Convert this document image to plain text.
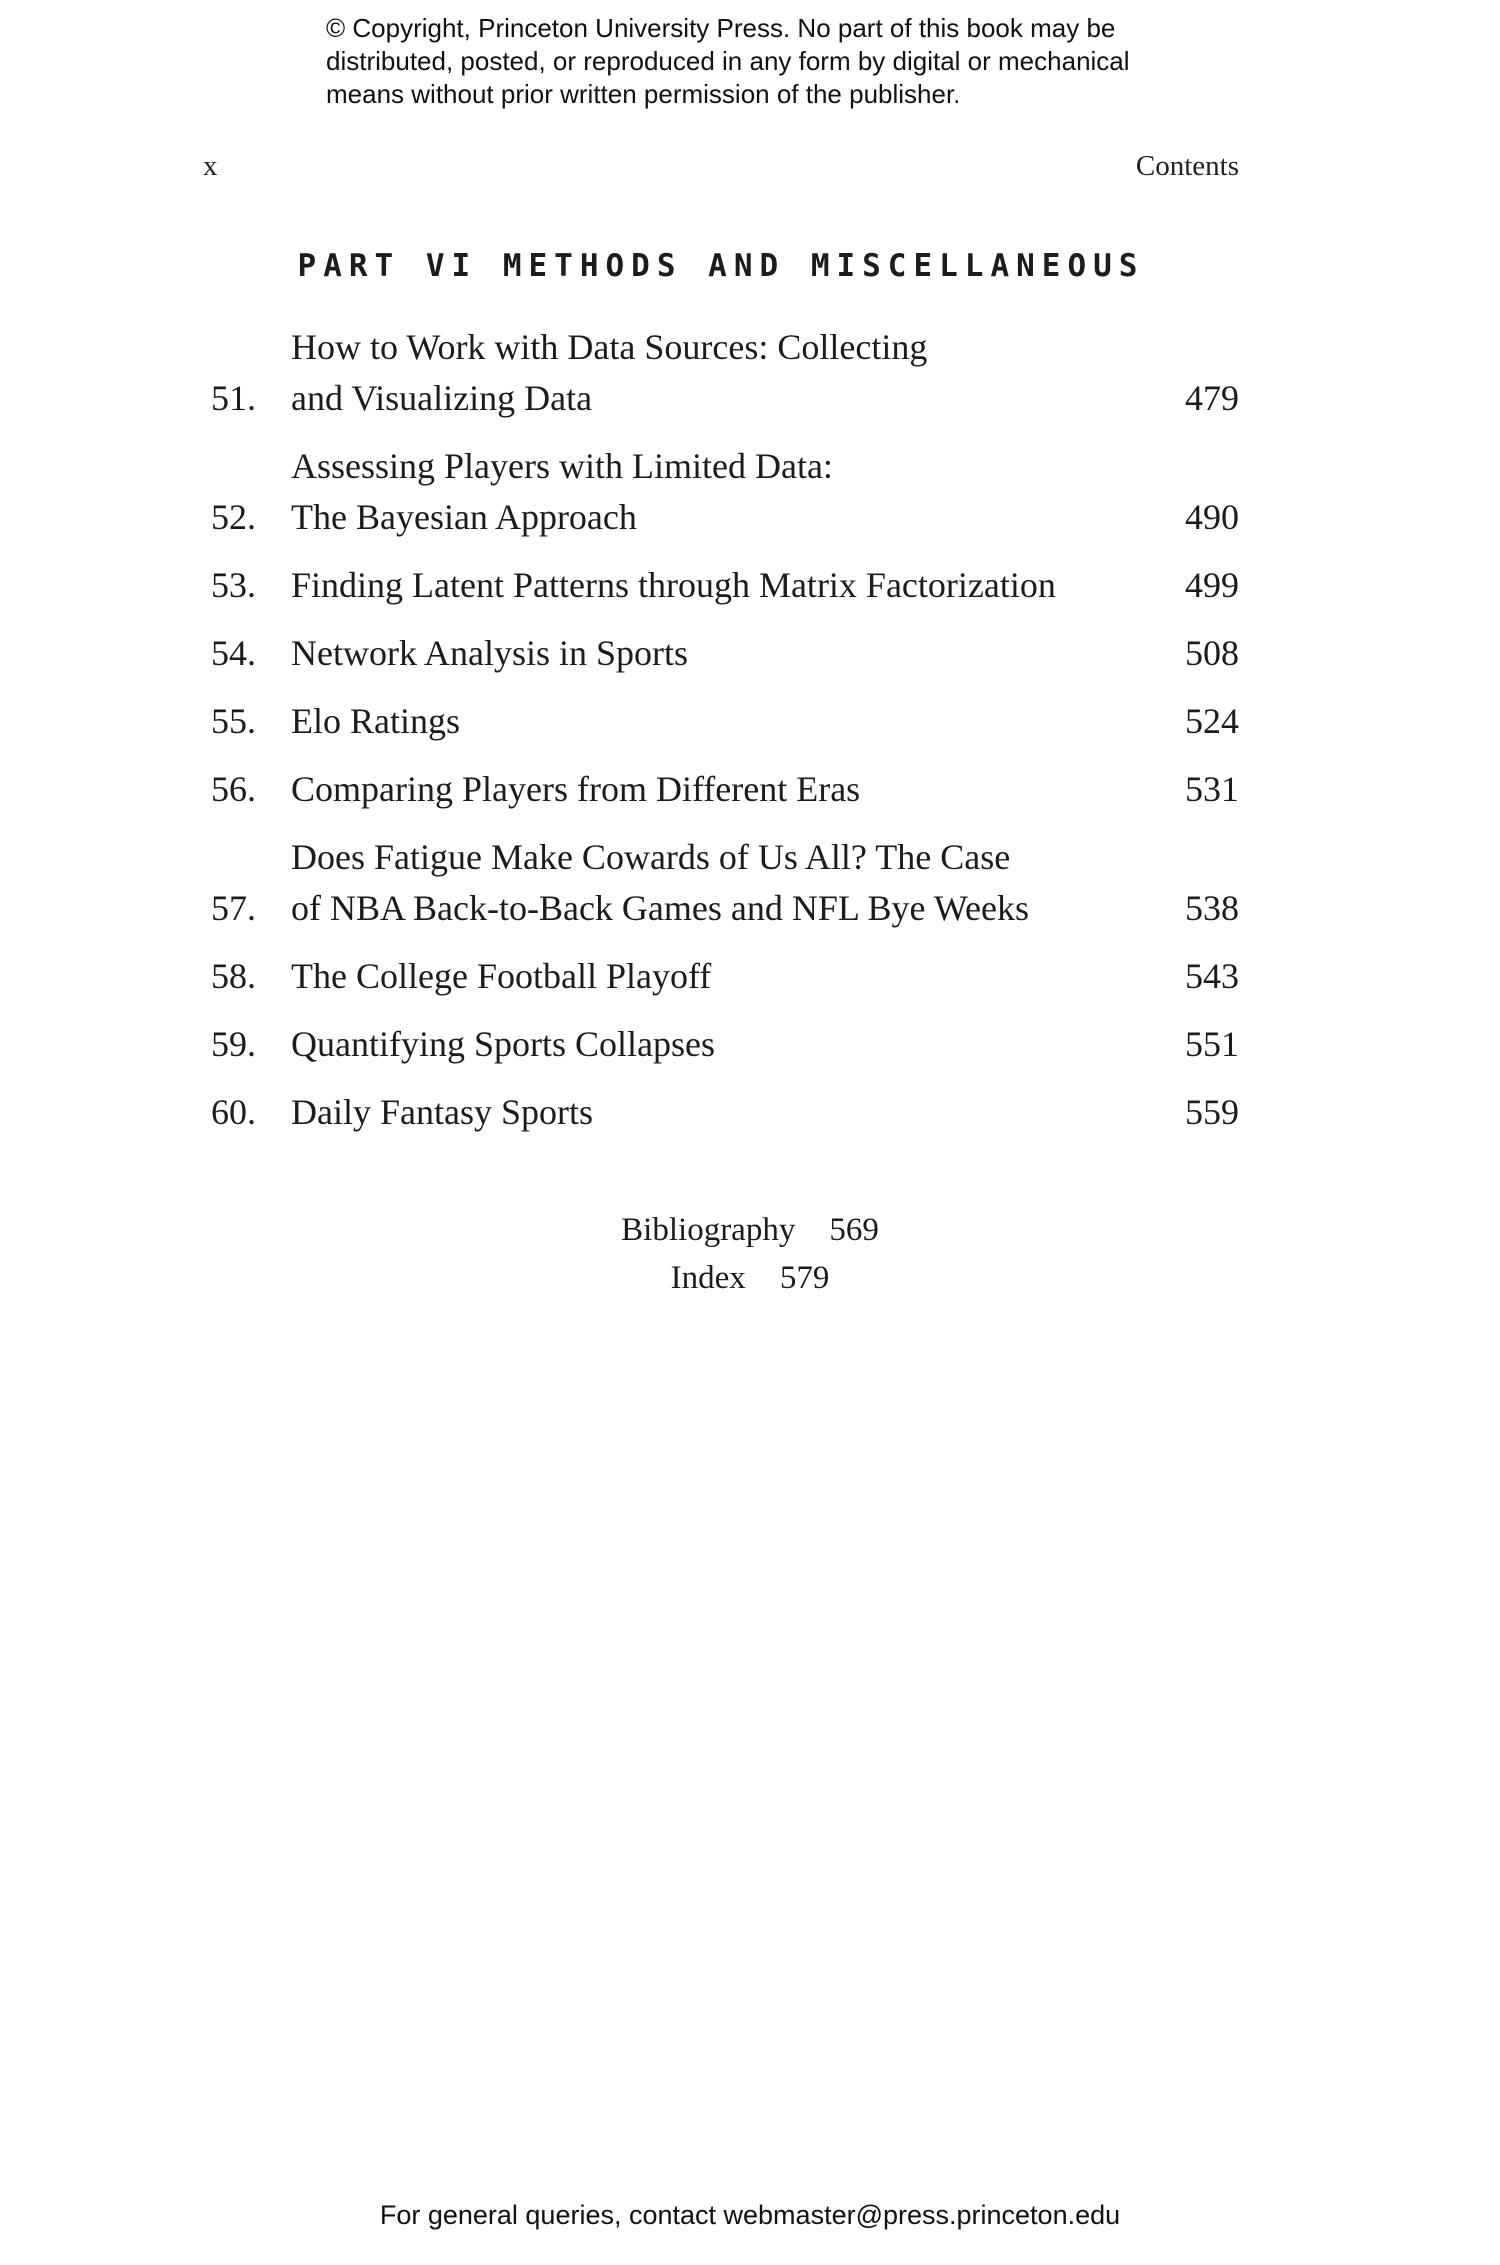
© Copyright, Princeton University Press. No part of this book may be
distributed, posted, or reproduced in any form by digital or mechanical
means without prior written permission of the publisher.
x	Contents
PART VI METHODS AND MISCELLANEOUS
51.
How to Work with Data Sources: Collecting
and Visualizing Data	479
52.
Assessing Players with Limited Data:
The Bayesian Approach	490
53. Finding Latent Patterns through Matrix Factorization	499
54. Network Analysis in Sports	508
55. Elo Ratings	524
56. Comparing Players from Different Eras	531
57.
Does Fatigue Make Cowards of Us All? The Case
of NBA Back-to-Back Games and NFL Bye Weeks	538
58. The College Football Playoff	543
59. Quantifying Sports Collapses	551
60. Daily Fantasy Sports	559
Bibliography 569
Index 579
For general queries, contact webmaster@press.princeton.edu
